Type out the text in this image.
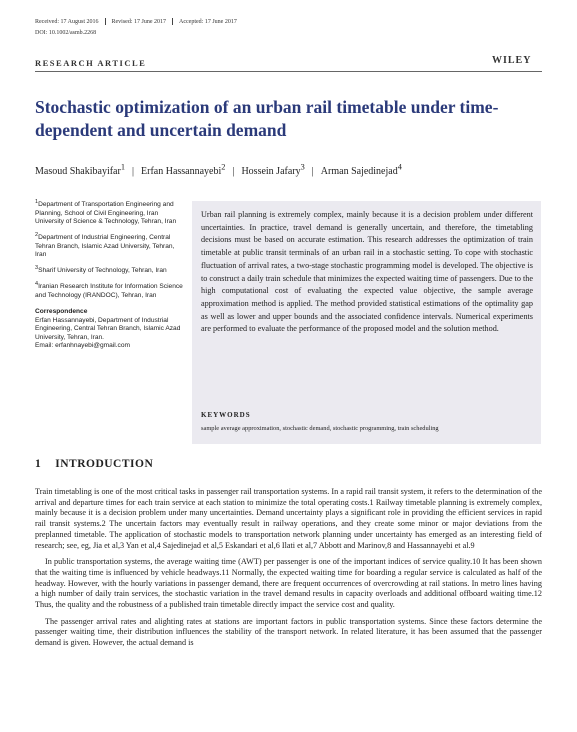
Received: 17 August 2016 Revised: 17 June 2017 Accepted: 17 June 2017
DOI: 10.1002/asmb.2268
RESEARCH ARTICLE	WILEY
Stochastic optimization of an urban rail timetable under time-dependent and uncertain demand
Masoud Shakibayifar$^1$ | Erfan Hassannayebi$^2$ | Hossein Jafary$^3$ | Arman Sajedinejad$^4$

$^1$Department of Transportation Engineering and Planning, School of Civil Engineering, Iran University of Science & Technology, Tehran, Iran

$^2$Department of Industrial Engineering, Central Tehran Branch, Islamic Azad University, Tehran, Iran

$^3$Sharif University of Technology, Tehran, Iran

$^4$Iranian Research Institute for Information Science and Technology (IRANDOC), Tehran, Iran

Correspondence

Erfan Hassannayebi, Department of Industrial Engineering, Central Tehran Branch, Islamic Azad University, Tehran, Iran.

Email: erfanhnayebi@gmail.com

Urban rail planning is extremely complex, mainly because it is a decision problem under different uncertainties. In practice, travel demand is generally uncertain, and therefore, the timetabling decisions must be based on accurate estimation. This research addresses the optimization of train timetable at public transit terminals of an urban rail in a stochastic setting. To cope with stochastic fluctuation of arrival rates, a two-stage stochastic programming model is developed. The objective is to construct a daily train schedule that minimizes the expected waiting time of passengers. Due to the high computational cost of evaluating the expected value objective, the sample average approximation method is applied. The method provided statistical estimations of the optimality gap as well as lower and upper bounds and the associated confidence intervals. Numerical experiments are performed to evaluate the performance of the proposed model and the solution method.
KEYWORDS
sample average approximation, stochastic demand, stochastic programming, train scheduling
1 INTRODUCTION

Train timetabling is one of the most critical tasks in passenger rail transportation systems. In a rapid rail transit system, it refers to the determination of the arrival and departure times for each train service at each station to minimize the total operating costs.1 Railway timetable planning is extremely complex, mainly because it is a decision problem under many uncertainties. Demand uncertainty plays a significant role in providing the efficient services in rapid rail transit systems.2 The uncertain factors may eventually result in railway operations, and they create some minor or major deviations from the preplanned timetable. The application of stochastic models to transportation network planning under uncertainty has emerged as an interesting field of research; see, eg, Jia et al,3 Yan et al,4 Sajedinejad et al,5 Eskandari et al,6 Ilati et al,7 Abbott and Marinov,8 and Hassannayebi et al.9

In public transportation systems, the average waiting time (AWT) per passenger is one of the important indices of service quality.10 It has been shown that the waiting time is influenced by vehicle headways.11 Normally, the expected waiting time for boarding a regular service is calculated as half of the headway. However, with the hourly variations in passenger demand, there are frequent occurrences of overcrowding at rail stations. In metro lines having a high number of daily train services, the stochastic variation in the travel demand results in capacity overloads and additional offboard waiting time.12 Thus, the quality and the robustness of a published train timetable directly impact the service cost and quality.

The passenger arrival rates and alighting rates at stations are important factors in public transportation systems. Since these factors determine the passenger waiting time, their distribution influences the stability of the transport network. In related literature, it has been assumed that the passenger demand is given. However, the actual demand is
